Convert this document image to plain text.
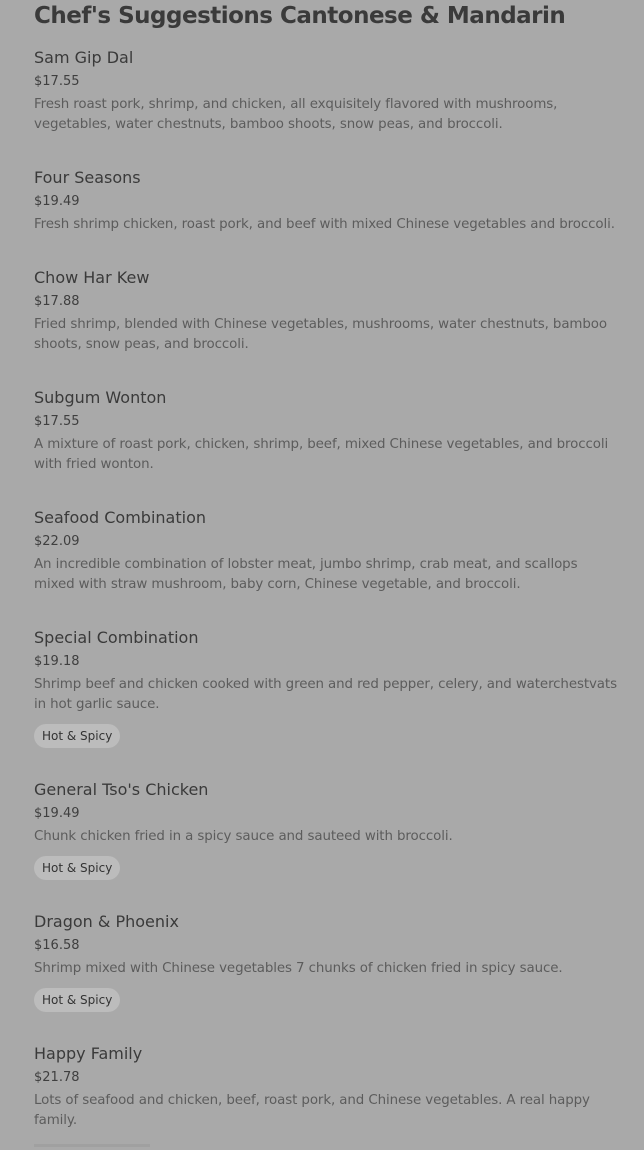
Chef's Suggestions Cantonese & Mandarin
Sam Gip Dal
$17.55
Fresh roast pork, shrimp, and chicken, all exquisitely flavored with mushrooms, vegetables, water chestnuts, bamboo shoots, snow peas, and broccoli.
Four Seasons
$19.49
Fresh shrimp chicken, roast pork, and beef with mixed Chinese vegetables and broccoli.
Chow Har Kew
$17.88
Fried shrimp, blended with Chinese vegetables, mushrooms, water chestnuts, bamboo shoots, snow peas, and broccoli.
Subgum Wonton
$17.55
A mixture of roast pork, chicken, shrimp, beef, mixed Chinese vegetables, and broccoli with fried wonton.
Seafood Combination
$22.09
An incredible combination of lobster meat, jumbo shrimp, crab meat, and scallops mixed with straw mushroom, baby corn, Chinese vegetable, and broccoli.
Special Combination
$19.18
Shrimp beef and chicken cooked with green and red pepper, celery, and waterchestvats in hot garlic sauce.
Hot & Spicy
General Tso's Chicken
$19.49
Chunk chicken fried in a spicy sauce and sauteed with broccoli.
Hot & Spicy
Dragon & Phoenix
$16.58
Shrimp mixed with Chinese vegetables 7 chunks of chicken fried in spicy sauce.
Hot & Spicy
Happy Family
$21.78
Lots of seafood and chicken, beef, roast pork, and Chinese vegetables. A real happy family.
